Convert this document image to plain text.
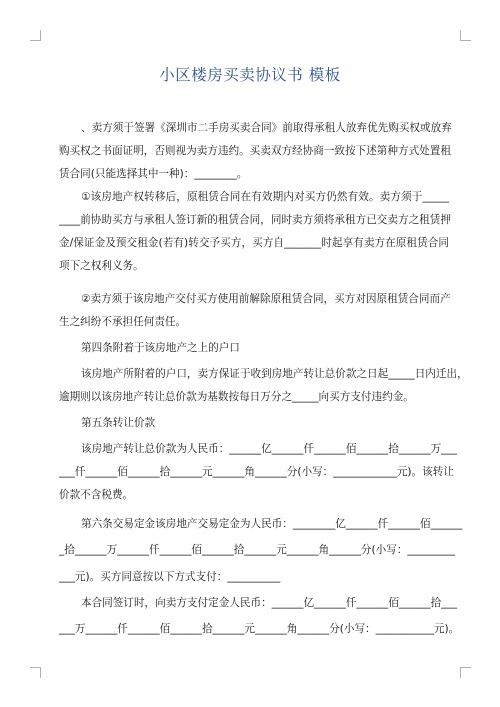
小区楼房买卖协议书 模板
、卖方须于签署《深圳市二手房买卖合同》前取得承租人放弃优先购买权或放弃
购买权之书面证明，否则视为卖方违约。买卖双方经协商一致按下述第种方式处置租
赁合同(只能选择其中一种)：________。
①该房地产权转移后，原租赁合同在有效期内对买方仍然有效。卖方须于_____
____前协助买方与承租人签订新的租赁合同，同时卖方须将承租方已交卖方之租赁押
金/保证金及预交租金(若有)转交予买方，买方自_______时起享有卖方在原租赁合同
项下之权利义务。
②卖方须于该房地产交付买方使用前解除原租赁合同，买方对因原租赁合同而产
生之纠纷不承担任何责任。
第四条附着于该房地产之上的户口
该房地产所附着的户口，卖方保证于收到房地产转让总价款之日起_____日内迁出，
逾期则以该房地产转让总价款为基数按每日万分之_____向买方支付违约金。
第五条转让价款
该房地产转让总价款为人民币：______亿______仟______佰______拾______万___
___仟______佰______拾______元______角______分(小写：____________元)。该转让
价款不含税费。
第六条交易定金该房地产交易定金为人民币：________亿______仟______佰______
_拾______万______仟______佰______拾______元______角______分(小写：_________
___元)。买方同意按以下方式支付：__________
本合同签订时，向卖方支付定金人民币：______亿______仟______佰______拾___
___万______仟______佰______拾______元______角______分(小写：___________元)。
